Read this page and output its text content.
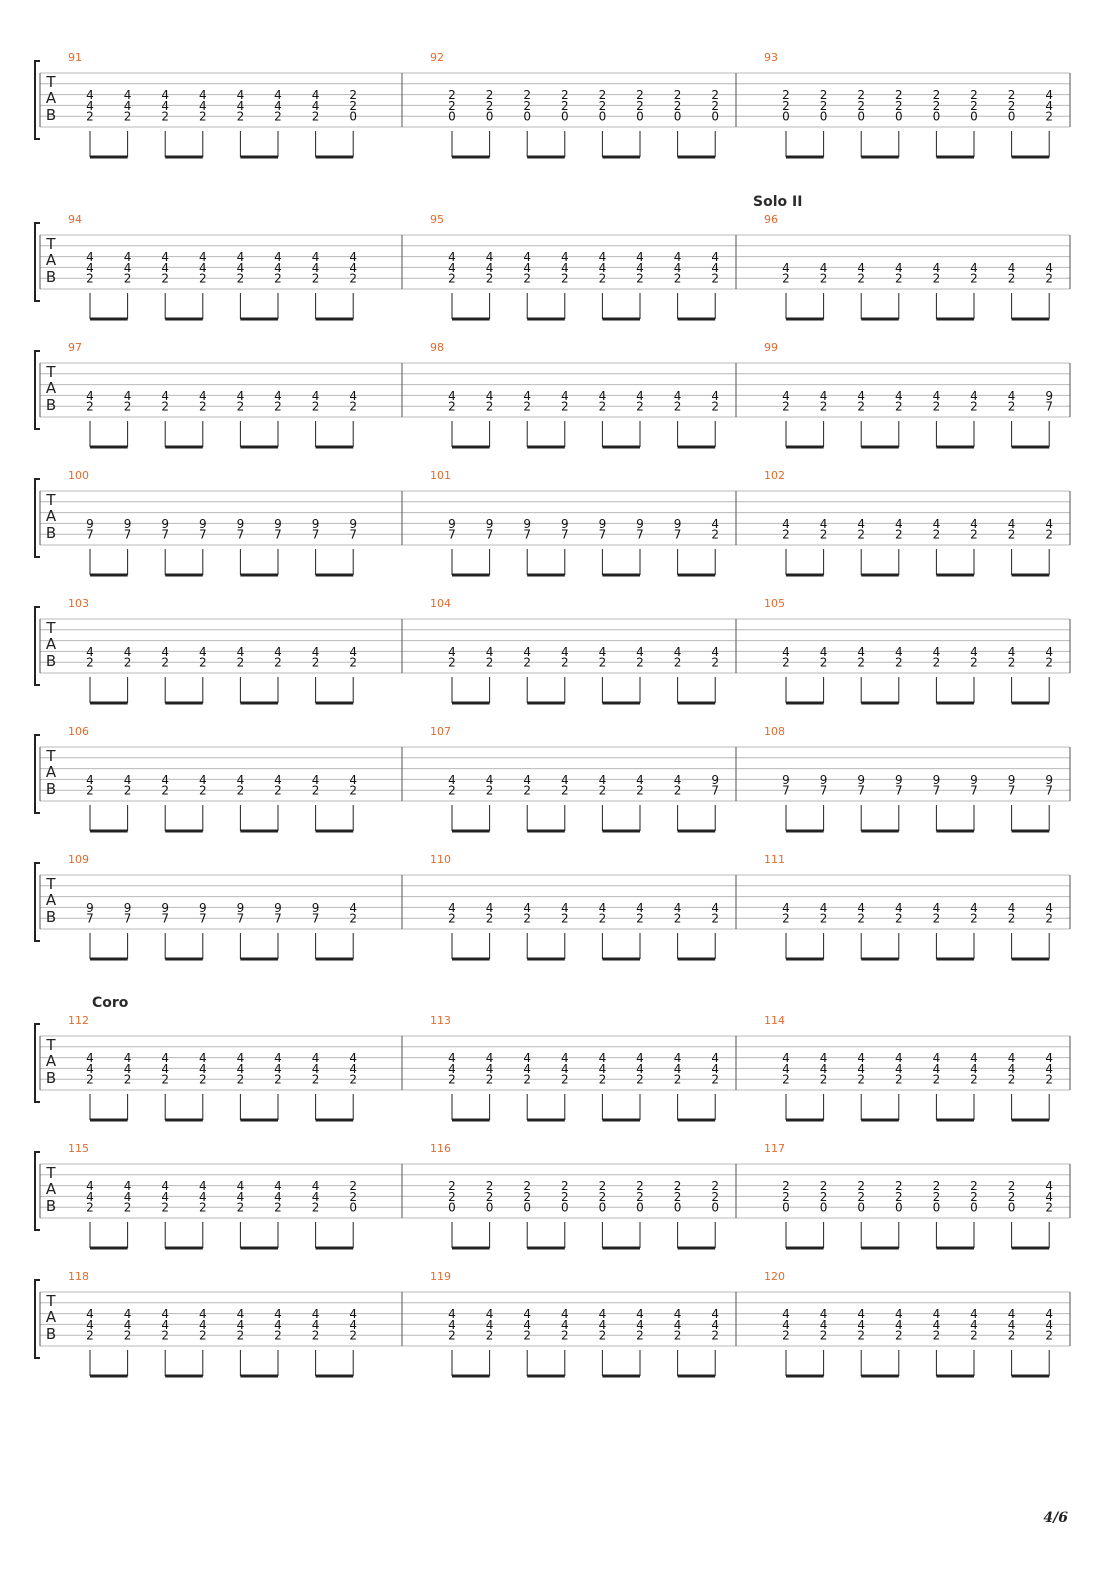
T
A
B
91
4
4
2
4
4
2
4
4
2
4
4
2
4
4
2
4
4
2
4
4
2
2
2
0
92
2
2
0
2
2
0
2
2
0
2
2
0
2
2
0
2
2
0
2
2
0
2
2
0
93
2
2
0
2
2
0
2
2
0
2
2
0
2
2
0
2
2
0
2
2
0
4
4
2
Solo II
T
A
B
94
4
4
2
4
4
2
4
4
2
4
4
2
4
4
2
4
4
2
4
4
2
4
4
2
95
4
4
2
4
4
2
4
4
2
4
4
2
4
4
2
4
4
2
4
4
2
4
4
2
96
4
2
4
2
4
2
4
2
4
2
4
2
4
2
4
2
T
A
B
97
4
2
4
2
4
2
4
2
4
2
4
2
4
2
4
2
98
4
2
4
2
4
2
4
2
4
2
4
2
4
2
4
2
99
4
2
4
2
4
2
4
2
4
2
4
2
4
2
9
7
T
A
B
100
9
7
9
7
9
7
9
7
9
7
9
7
9
7
9
7
101
9
7
9
7
9
7
9
7
9
7
9
7
9
7
4
2
102
4
2
4
2
4
2
4
2
4
2
4
2
4
2
4
2
T
A
B
103
4
2
4
2
4
2
4
2
4
2
4
2
4
2
4
2
104
4
2
4
2
4
2
4
2
4
2
4
2
4
2
4
2
105
4
2
4
2
4
2
4
2
4
2
4
2
4
2
4
2
T
A
B
106
4
2
4
2
4
2
4
2
4
2
4
2
4
2
4
2
107
4
2
4
2
4
2
4
2
4
2
4
2
4
2
9
7
108
9
7
9
7
9
7
9
7
9
7
9
7
9
7
9
7
T
A
B
109
9
7
9
7
9
7
9
7
9
7
9
7
9
7
4
2
110
4
2
4
2
4
2
4
2
4
2
4
2
4
2
4
2
111
4
2
4
2
4
2
4
2
4
2
4
2
4
2
4
2
Coro
T
A
B
112
4
4
2
4
4
2
4
4
2
4
4
2
4
4
2
4
4
2
4
4
2
4
4
2
113
4
4
2
4
4
2
4
4
2
4
4
2
4
4
2
4
4
2
4
4
2
4
4
2
114
4
4
2
4
4
2
4
4
2
4
4
2
4
4
2
4
4
2
4
4
2
4
4
2
T
A
B
115
4
4
2
4
4
2
4
4
2
4
4
2
4
4
2
4
4
2
4
4
2
2
2
0
116
2
2
0
2
2
0
2
2
0
2
2
0
2
2
0
2
2
0
2
2
0
2
2
0
117
2
2
0
2
2
0
2
2
0
2
2
0
2
2
0
2
2
0
2
2
0
4
4
2
T
A
B
118
4
4
2
4
4
2
4
4
2
4
4
2
4
4
2
4
4
2
4
4
2
4
4
2
119
4
4
2
4
4
2
4
4
2
4
4
2
4
4
2
4
4
2
4
4
2
4
4
2
120
4
4
2
4
4
2
4
4
2
4
4
2
4
4
2
4
4
2
4
4
2
4
4
2
4/6
